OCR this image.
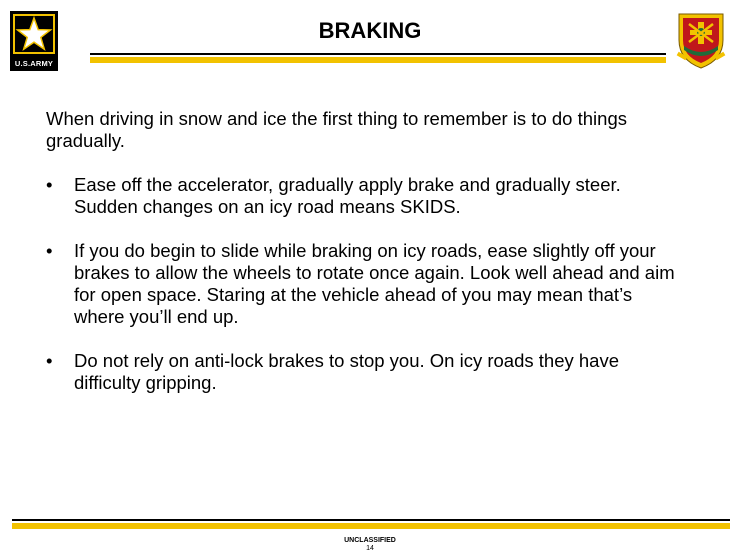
U.S.ARMY
BRAKING

When driving in snow and ice the first thing to remember is to do things gradually.

• Ease off the accelerator, gradually apply brake and gradually steer. Sudden changes on an icy road means SKIDS.
• If you do begin to slide while braking on icy roads, ease slightly off your brakes to allow the wheels to rotate once again. Look well ahead and aim for open space. Staring at the vehicle ahead of you may mean that’s where you’ll end up.
• Do not rely on anti-lock brakes to stop you. On icy roads they have difficulty gripping.
UNCLASSIFIED
14
